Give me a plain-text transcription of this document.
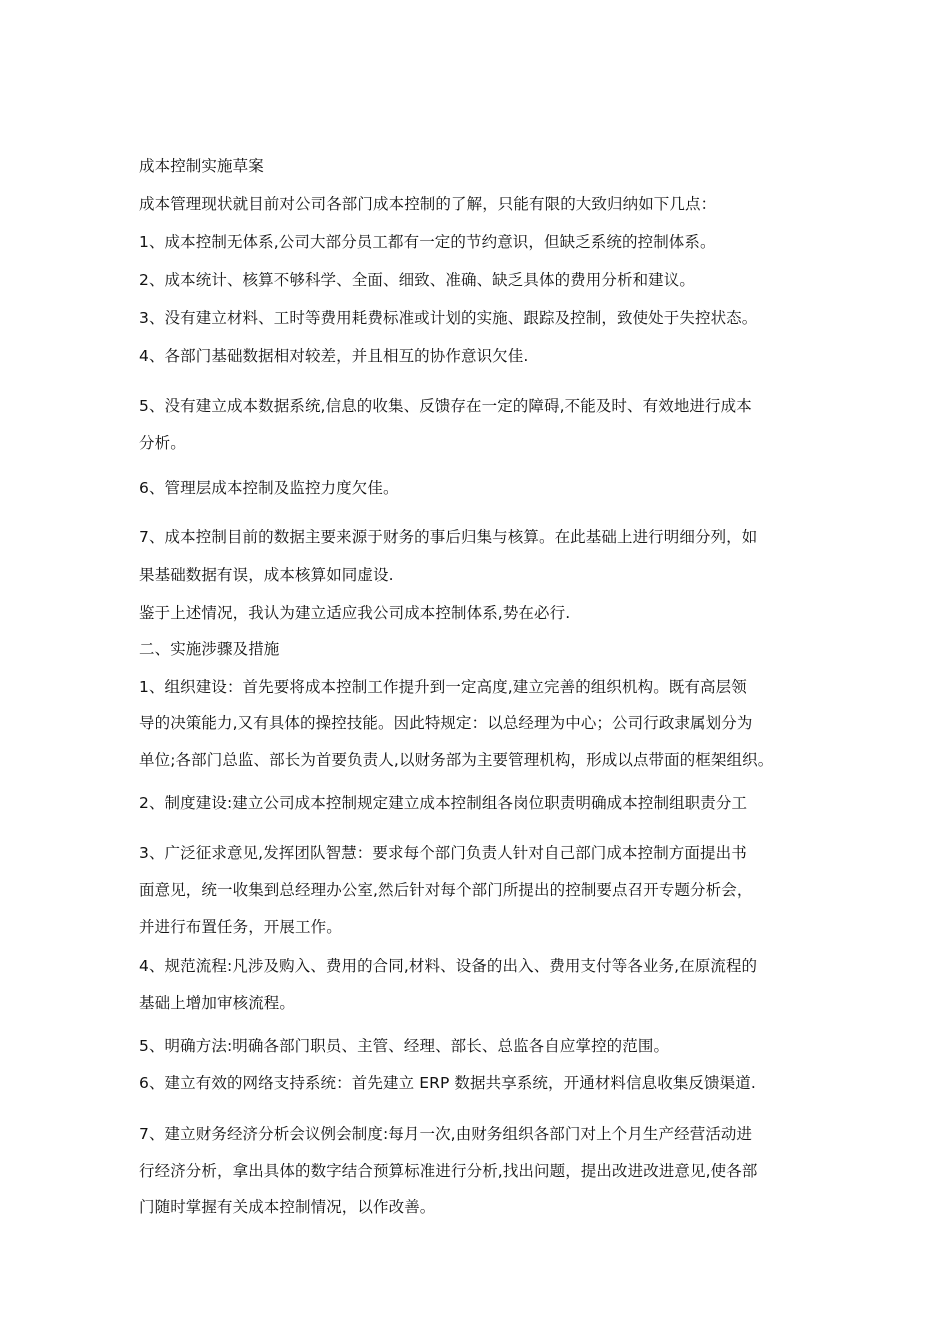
成本控制实施草案
成本管理现状就目前对公司各部门成本控制的了解，只能有限的大致归纳如下几点：
1、成本控制无体系,公司大部分员工都有一定的节约意识，但缺乏系统的控制体系。
2、成本统计、核算不够科学、全面、细致、准确、缺乏具体的费用分析和建议。
3、没有建立材料、工时等费用耗费标准或计划的实施、跟踪及控制，致使处于失控状态。
4、各部门基础数据相对较差，并且相互的协作意识欠佳.
5、没有建立成本数据系统,信息的收集、反馈存在一定的障碍,不能及时、有效地进行成本
分析。
6、管理层成本控制及监控力度欠佳。
7、成本控制目前的数据主要来源于财务的事后归集与核算。在此基础上进行明细分列，如
果基础数据有误，成本核算如同虚设.
鉴于上述情况，我认为建立适应我公司成本控制体系,势在必行.
二、实施涉骤及措施
1、组织建设：首先要将成本控制工作提升到一定高度,建立完善的组织机构。既有高层领
导的决策能力,又有具体的操控技能。因此特规定：以总经理为中心；公司行政隶属划分为
单位;各部门总监、部长为首要负责人,以财务部为主要管理机构，形成以点带面的框架组织。
2、制度建设:建立公司成本控制规定建立成本控制组各岗位职责明确成本控制组职责分工
3、广泛征求意见,发挥团队智慧：要求每个部门负责人针对自己部门成本控制方面提出书
面意见，统一收集到总经理办公室,然后针对每个部门所提出的控制要点召开专题分析会，
并进行布置任务，开展工作。
4、规范流程:凡涉及购入、费用的合同,材料、设备的出入、费用支付等各业务,在原流程的
基础上增加审核流程。
5、明确方法:明确各部门职员、主管、经理、部长、总监各自应掌控的范围。
6、建立有效的网络支持系统：首先建立 ERP 数据共享系统，开通材料信息收集反馈渠道.
7、建立财务经济分析会议例会制度:每月一次,由财务组织各部门对上个月生产经营活动进
行经济分析，拿出具体的数字结合预算标准进行分析,找出问题，提出改进改进意见,使各部
门随时掌握有关成本控制情况，以作改善。
